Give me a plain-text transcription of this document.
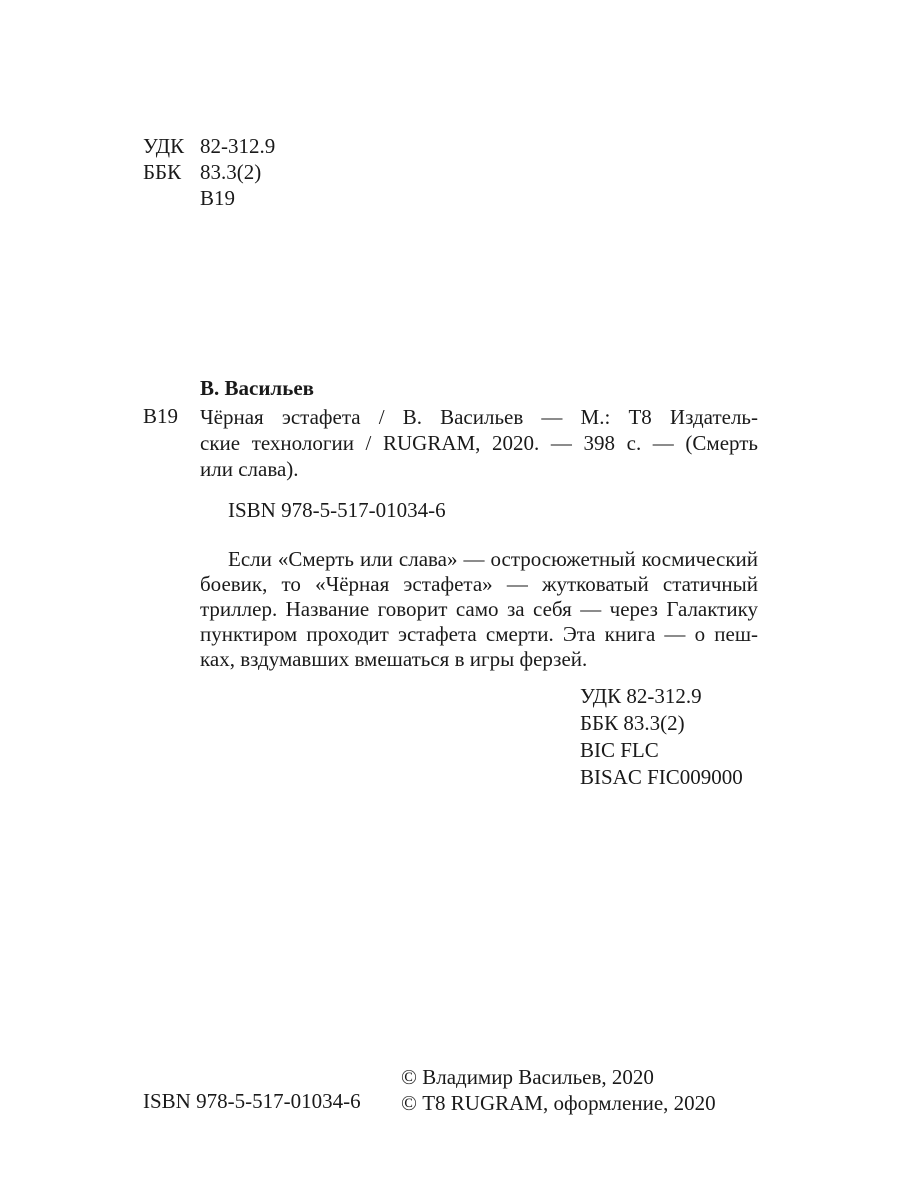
УДК 82-312.9
ББК 83.3(2)
В19
В. Васильев
В19 Чёрная эстафета / В. Васильев — М.: Т8 Издатель-
ские технологии / RUGRAM, 2020. — 398 с. — (Смерть
или слава).
ISBN 978-5-517-01034-6
Если «Смерть или слава» — остросюжетный космический
боевик, то «Чёрная эстафета» — жутковатый статичный
триллер. Название говорит само за себя — через Галактику
пунктиром проходит эстафета смерти. Эта книга — о пеш-
ках, вздумавших вмешаться в игры ферзей.
УДК 82-312.9
ББК 83.3(2)
BIC FLC
BISAC FIC009000
ISBN 978-5-517-01034-6
© Владимир Васильев, 2020
© Т8 RUGRAM, оформление, 2020
